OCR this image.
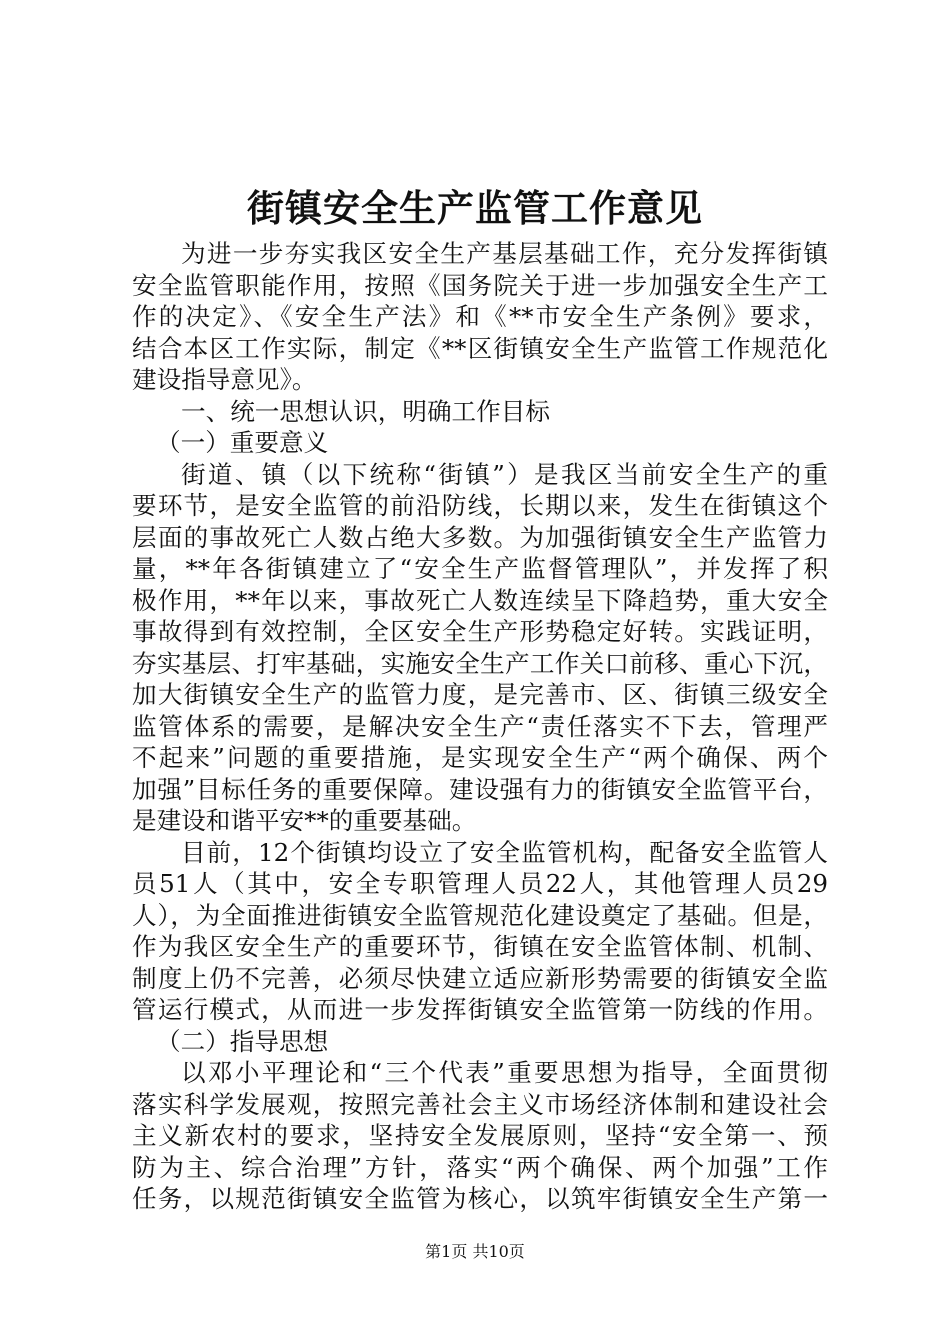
街镇安全生产监管工作意见
为进一步夯实我区安全生产基层基础工作，充分发挥街镇
安全监管职能作用，按照《国务院关于进一步加强安全生产工
作的决定》、《安全生产法》和《**市安全生产条例》要求，
结合本区工作实际，制定《**区街镇安全生产监管工作规范化
建设指导意见》。
一、统一思想认识，明确工作目标
（一）重要意义
街道、镇（以下统称“街镇”）是我区当前安全生产的重
要环节，是安全监管的前沿防线，长期以来，发生在街镇这个
层面的事故死亡人数占绝大多数。为加强街镇安全生产监管力
量，**年各街镇建立了“安全生产监督管理队”，并发挥了积
极作用，**年以来，事故死亡人数连续呈下降趋势，重大安全
事故得到有效控制，全区安全生产形势稳定好转。实践证明，
夯实基层、打牢基础，实施安全生产工作关口前移、重心下沉，
加大街镇安全生产的监管力度，是完善市、区、街镇三级安全
监管体系的需要，是解决安全生产“责任落实不下去，管理严
不起来”问题的重要措施，是实现安全生产“两个确保、两个
加强”目标任务的重要保障。建设强有力的街镇安全监管平台，
是建设和谐平安**的重要基础。
目前，12个街镇均设立了安全监管机构，配备安全监管人
员51人（其中，安全专职管理人员22人，其他管理人员29
人），为全面推进街镇安全监管规范化建设奠定了基础。但是，
作为我区安全生产的重要环节，街镇在安全监管体制、机制、
制度上仍不完善，必须尽快建立适应新形势需要的街镇安全监
管运行模式，从而进一步发挥街镇安全监管第一防线的作用。
（二）指导思想
以邓小平理论和“三个代表”重要思想为指导，全面贯彻
落实科学发展观，按照完善社会主义市场经济体制和建设社会
主义新农村的要求，坚持安全发展原则，坚持“安全第一、预
防为主、综合治理”方针，落实“两个确保、两个加强”工作
任务，以规范街镇安全监管为核心，以筑牢街镇安全生产第一
第1页 共10页
